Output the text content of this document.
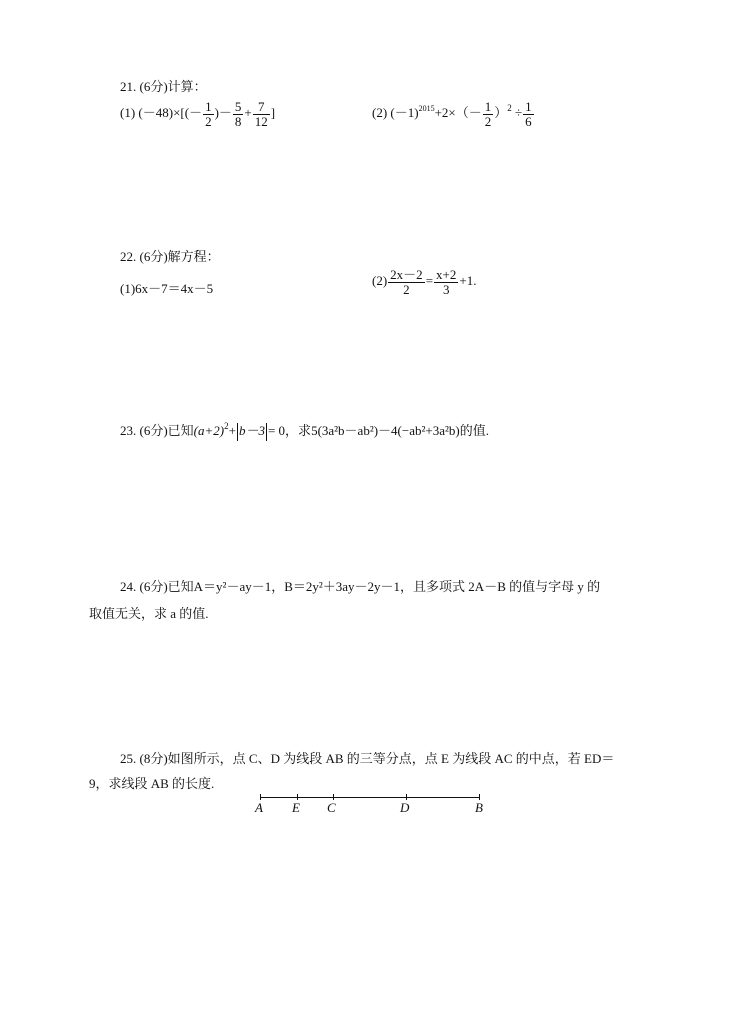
21. (6分)计算：
(1) $(-48)\times[(- \frac{1}{2}$ )－ $\frac{5}{8} + \frac{7}{12}$ ]	(2) $(-1)^{2015}+2\times(- \frac{1}{2} )^2 \div \frac{1}{6}$
22. (6分)解方程：
(1)6x－7＝4x－5
$(2) \frac{2x-2}{2} = \frac{x+2}{3} +1$.
23. (6分)已知$(a+2)^2+ b-3 = 0$，求5(3a²b－ab²)－4(−ab²+3a²b)的值.
24. (6分)已知A＝y²－ay－1，B＝2y²＋3ay－2y－1，且多项式 2A－B 的值与字母 y 的
取值无关，求 a 的值.
25. (8分)如图所示，点 C、D 为线段 AB 的三等分点，点 E 为线段 AC 的中点，若 ED＝
9，求线段 AB 的长度.
A E C	D	B
